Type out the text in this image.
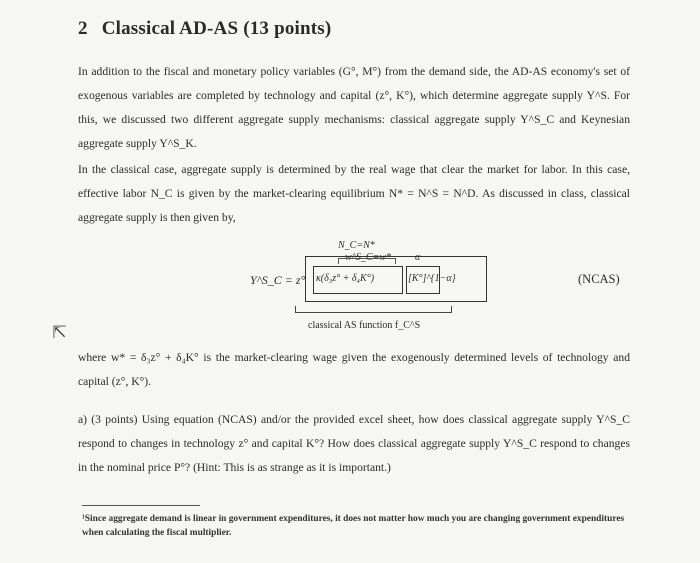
2 Classical AD-AS (13 points)
In addition to the fiscal and monetary policy variables (G°, M°) from the demand side, the AD-AS economy's set of exogenous variables are completed by technology and capital (z°, K°), which determine aggregate supply Y^S. For this, we discussed two different aggregate supply mechanisms: classical aggregate supply Y^S_C and Keynesian aggregate supply Y^S_K.
In the classical case, aggregate supply is determined by the real wage that clear the market for labor. In this case, effective labor N_C is given by the market-clearing equilibrium N* = N^S = N^D. As discussed in class, classical aggregate supply is then given by,
N_C=N*
w^S_C=w* α
Y^S_C = z° κ(δ₃z° + δ₄K°)	[K°]^{1−α}
classical AS function f_C^S
(NCAS)
⇱
where w* = δ₃z° + δ₄K° is the market-clearing wage given the exogenously determined levels of technology and capital (z°, K°).
a) (3 points) Using equation (NCAS) and/or the provided excel sheet, how does classical aggregate supply Y^S_C respond to changes in technology z° and capital K°? How does classical aggregate supply Y^S_C respond to changes in the nominal price P°? (Hint: This is as strange as it is important.)
¹Since aggregate demand is linear in government expenditures, it does not matter how much you are changing government expenditures when calculating the fiscal multiplier.
